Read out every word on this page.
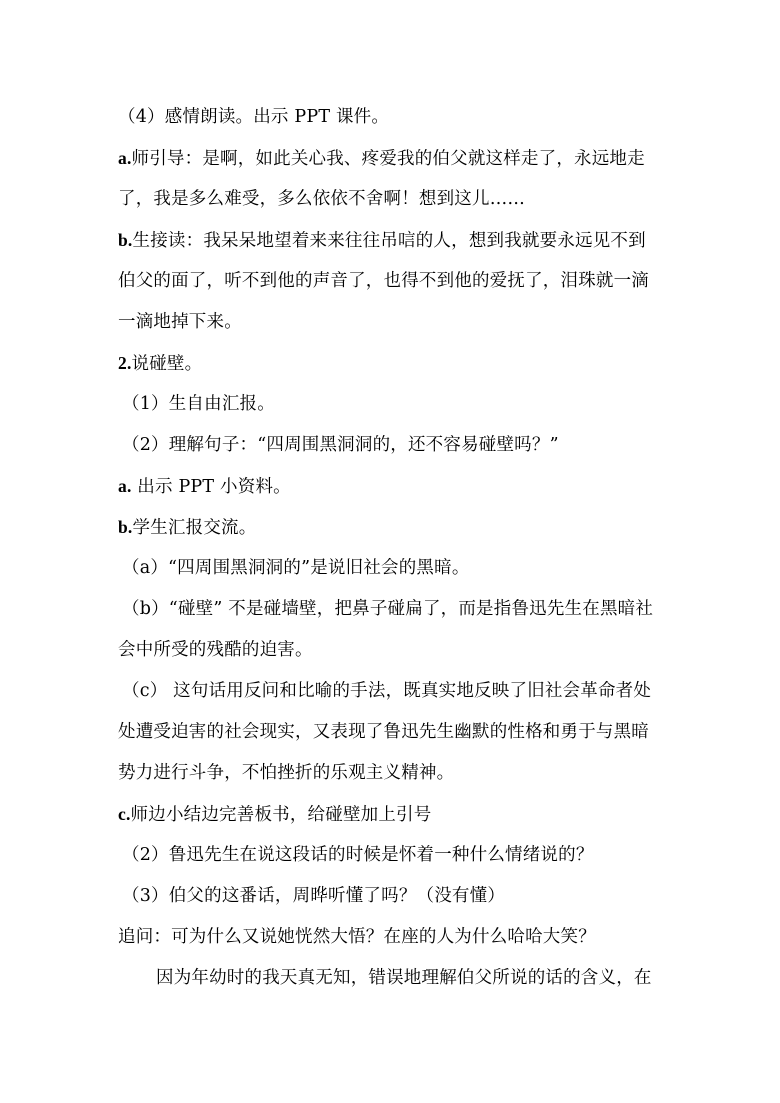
（4）感情朗读。出示 PPT 课件。
a.师引导：是啊，如此关心我、疼爱我的伯父就这样走了，永远地走
了，我是多么难受，多么依依不舍啊！想到这儿……
b.生接读：我呆呆地望着来来往往吊唁的人，想到我就要永远见不到
伯父的面了，听不到他的声音了，也得不到他的爱抚了，泪珠就一滴
一滴地掉下来。
2.说碰壁。
（1）生自由汇报。
（2）理解句子：“四周围黑洞洞的，还不容易碰壁吗？”
a. 出示 PPT 小资料。
b.学生汇报交流。
（a）“四周围黑洞洞的”是说旧社会的黑暗。
（b）“碰壁” 不是碰墙壁，把鼻子碰扁了，而是指鲁迅先生在黑暗社
会中所受的残酷的迫害。
（c） 这句话用反问和比喻的手法，既真实地反映了旧社会革命者处
处遭受迫害的社会现实，又表现了鲁迅先生幽默的性格和勇于与黑暗
势力进行斗争，不怕挫折的乐观主义精神。
c.师边小结边完善板书，给碰壁加上引号
（2）鲁迅先生在说这段话的时候是怀着一种什么情绪说的？
（3）伯父的这番话，周晔听懂了吗？（没有懂）
追问：可为什么又说她恍然大悟？在座的人为什么哈哈大笑？
因为年幼时的我天真无知，错误地理解伯父所说的话的含义，在
